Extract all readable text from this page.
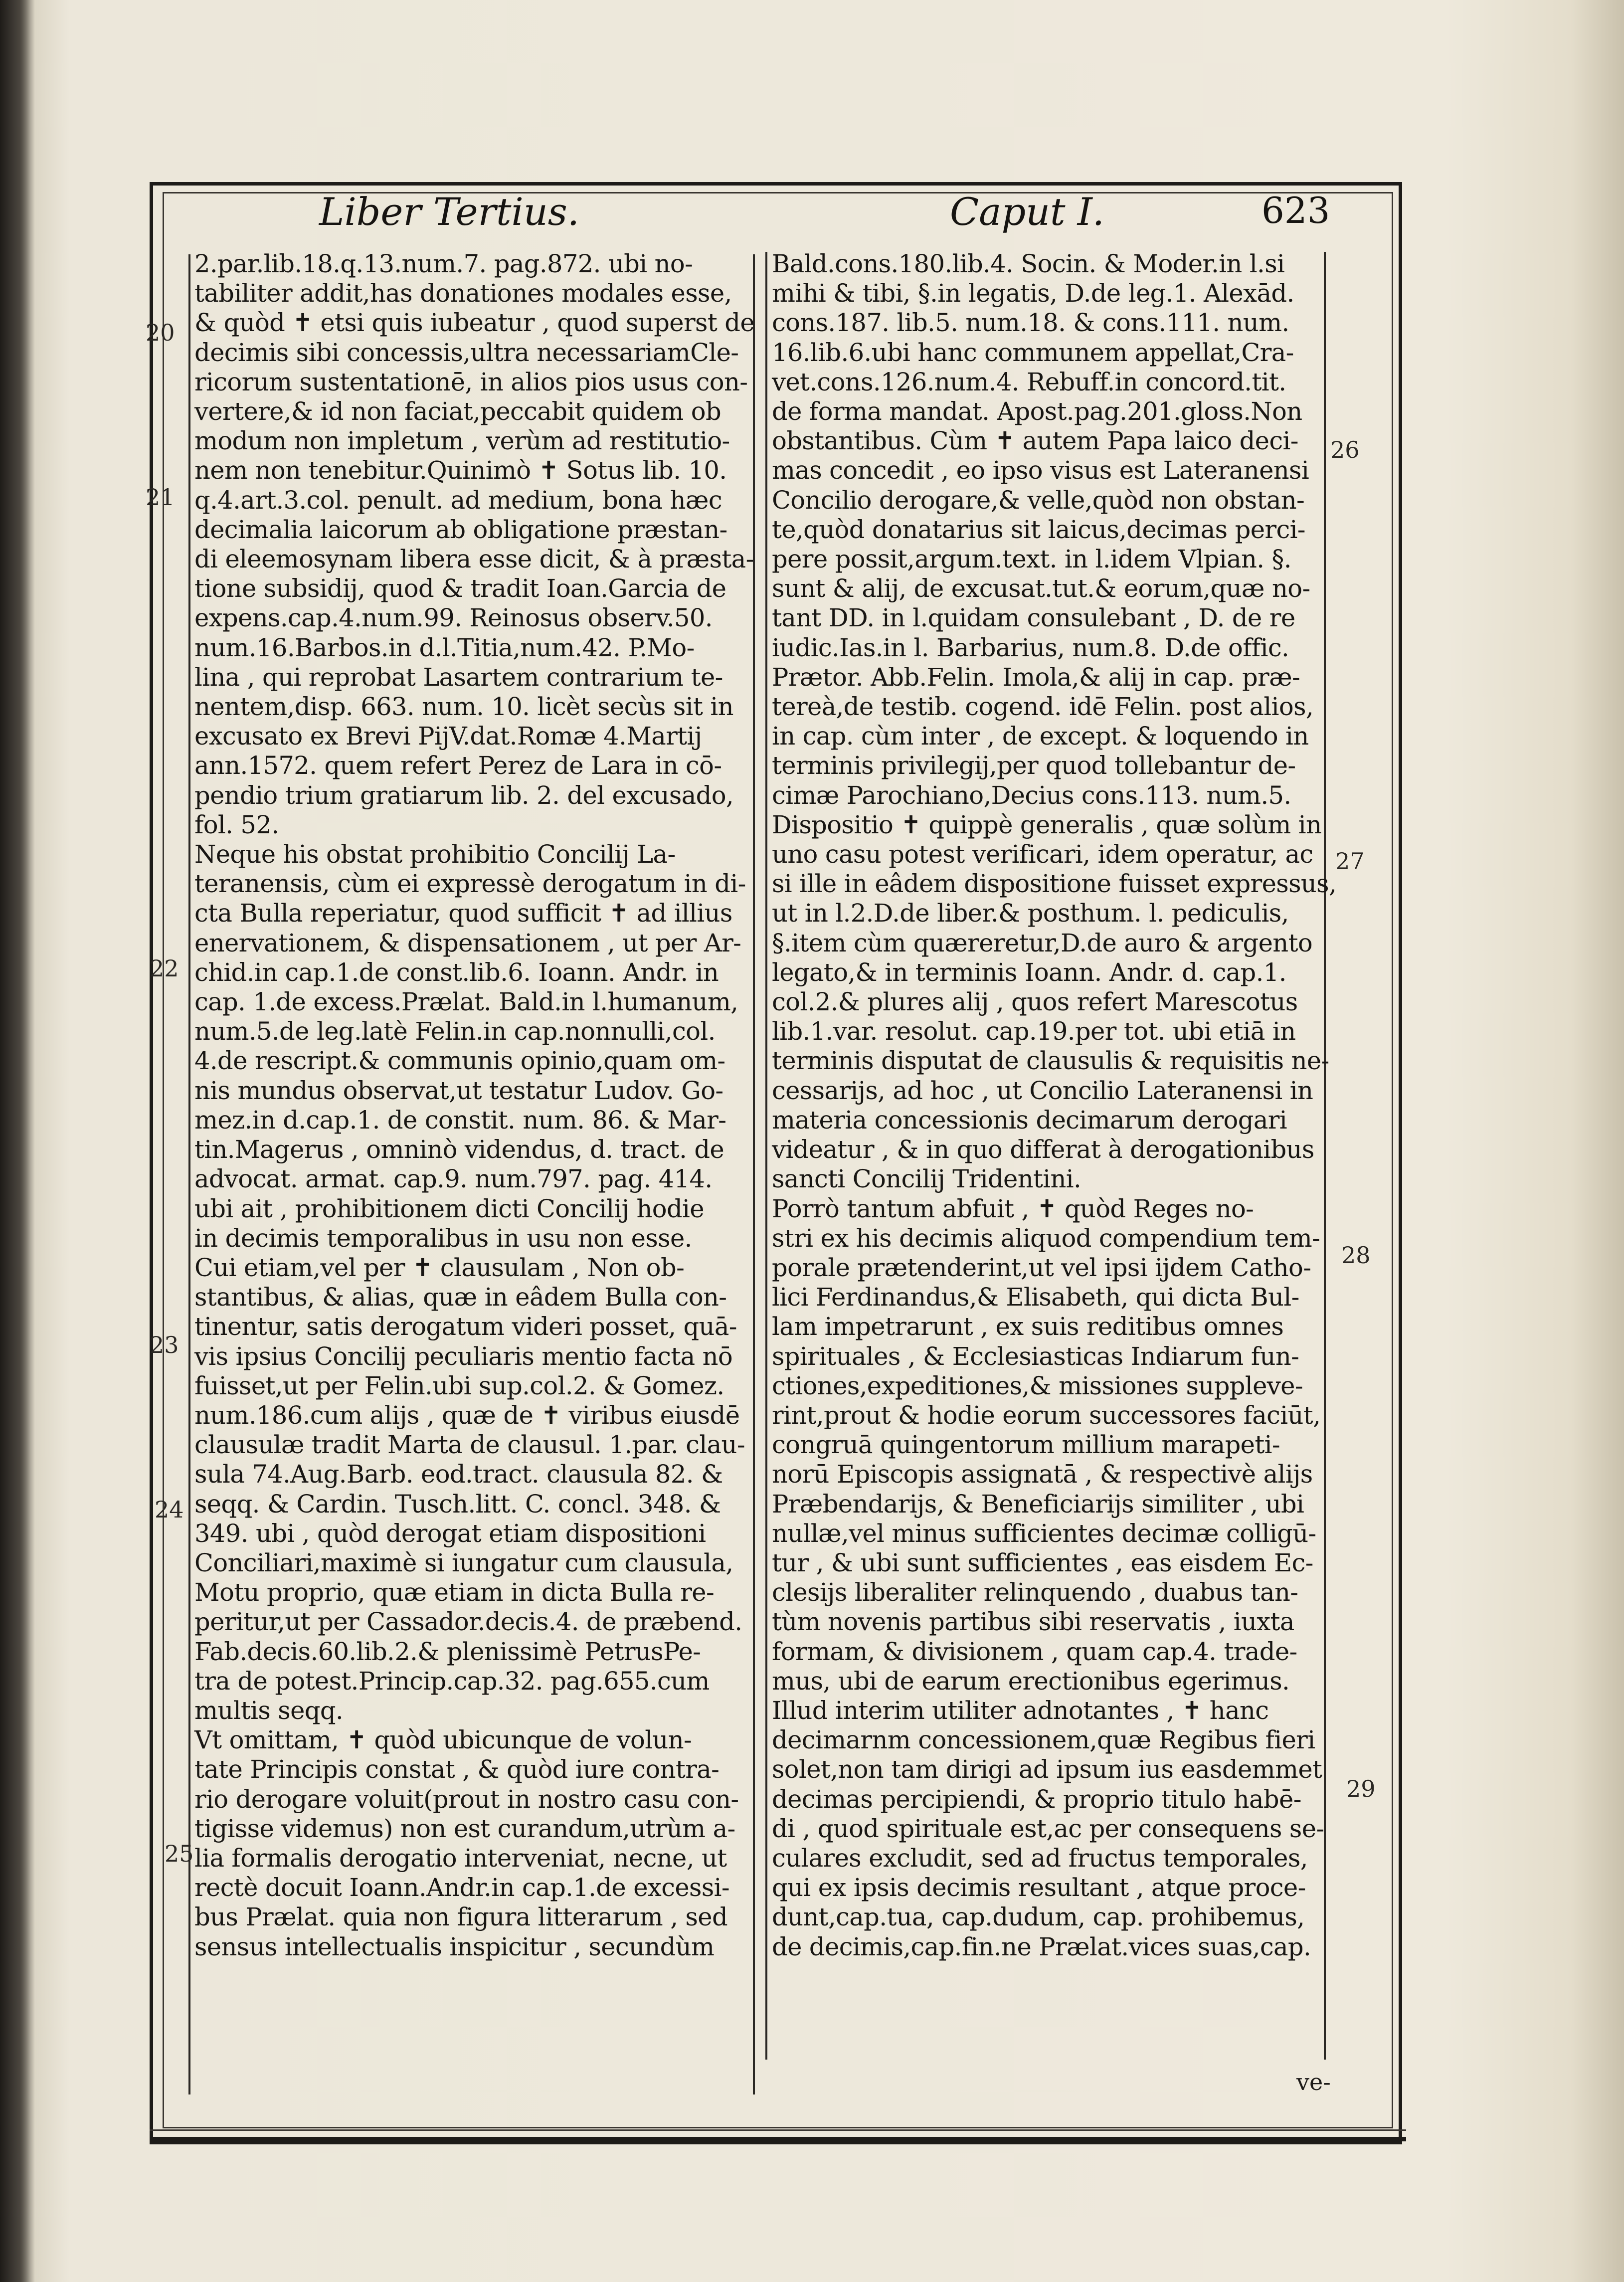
Liber Tertius.	Caput I.	623

2.par.lib.18.q.13.num.7. pag.872. ubi no-

tabiliter addit,has donationes modales esse,

& quòd ✝ etsi quis iubeatur , quod superst de

decimis sibi concessis,ultra necessariamCle-

ricorum sustentationē, in alios pios usus con-

vertere,& id non faciat,peccabit quidem ob

modum non impletum , verùm ad restitutio-

nem non tenebitur.Quinimò ✝ Sotus lib. 10.

q.4.art.3.col. penult. ad medium, bona hæc

decimalia laicorum ab obligatione præstan-

di eleemosynam libera esse dicit, & à præsta-

tione subsidij, quod & tradit Ioan.Garcia de

expens.cap.4.num.99. Reinosus observ.50.

num.16.Barbos.in d.l.Titia,num.42. P.Mo-

lina , qui reprobat Lasartem contrarium te-

nentem,disp. 663. num. 10. licèt secùs sit in

excusato ex Brevi PijV.dat.Romæ 4.Martij

ann.1572. quem refert Perez de Lara in cō-

pendio trium gratiarum lib. 2. del excusado,

fol. 52.

Neque his obstat prohibitio Concilij La-

teranensis, cùm ei expressè derogatum in di-

cta Bulla reperiatur, quod sufficit ✝ ad illius

enervationem, & dispensationem , ut per Ar-

chid.in cap.1.de const.lib.6. Ioann. Andr. in

cap. 1.de excess.Prælat. Bald.in l.humanum,

num.5.de leg.latè Felin.in cap.nonnulli,col.

4.de rescript.& communis opinio,quam om-

nis mundus observat,ut testatur Ludov. Go-

mez.in d.cap.1. de constit. num. 86. & Mar-

tin.Magerus , omninò videndus, d. tract. de

advocat. armat. cap.9. num.797. pag. 414.

ubi ait , prohibitionem dicti Concilij hodie

in decimis temporalibus in usu non esse.

Cui etiam,vel per ✝ clausulam , Non ob-

stantibus, & alias, quæ in eâdem Bulla con-

tinentur, satis derogatum videri posset, quā-

vis ipsius Concilij peculiaris mentio facta nō

fuisset,ut per Felin.ubi sup.col.2. & Gomez.

num.186.cum alijs , quæ de ✝ viribus eiusdē

clausulæ tradit Marta de clausul. 1.par. clau-

sula 74.Aug.Barb. eod.tract. clausula 82. &

seqq. & Cardin. Tusch.litt. C. concl. 348. &

349. ubi , quòd derogat etiam dispositioni

Conciliari,maximè si iungatur cum clausula,

Motu proprio, quæ etiam in dicta Bulla re-

peritur,ut per Cassador.decis.4. de præbend.

Fab.decis.60.lib.2.& plenissimè PetrusPe-

tra de potest.Princip.cap.32. pag.655.cum

multis seqq.

Vt omittam, ✝ quòd ubicunque de volun-

tate Principis constat , & quòd iure contra-

rio derogare voluit(prout in nostro casu con-

tigisse videmus) non est curandum,utrùm a-

lia formalis derogatio interveniat, necne, ut

rectè docuit Ioann.Andr.in cap.1.de excessi-

bus Prælat. quia non figura litterarum , sed

sensus intellectualis inspicitur , secundùm

Bald.cons.180.lib.4. Socin. & Moder.in l.si

mihi & tibi, §.in legatis, D.de leg.1. Alexād.

cons.187. lib.5. num.18. & cons.111. num.

16.lib.6.ubi hanc communem appellat,Cra-

vet.cons.126.num.4. Rebuff.in concord.tit.

de forma mandat. Apost.pag.201.gloss.Non

obstantibus. Cùm ✝ autem Papa laico deci-

mas concedit , eo ipso visus est Lateranensi

Concilio derogare,& velle,quòd non obstan-

te,quòd donatarius sit laicus,decimas perci-

pere possit,argum.text. in l.idem Vlpian. §.

sunt & alij, de excusat.tut.& eorum,quæ no-

tant DD. in l.quidam consulebant , D. de re

iudic.Ias.in l. Barbarius, num.8. D.de offic.

Prætor. Abb.Felin. Imola,& alij in cap. præ-

tereà,de testib. cogend. idē Felin. post alios,

in cap. cùm inter , de except. & loquendo in

terminis privilegij,per quod tollebantur de-

cimæ Parochiano,Decius cons.113. num.5.

Dispositio ✝ quippè generalis , quæ solùm in

uno casu potest verificari, idem operatur, ac

si ille in eâdem dispositione fuisset expressus,

ut in l.2.D.de liber.& posthum. l. pediculis,

§.item cùm quæreretur,D.de auro & argento

legato,& in terminis Ioann. Andr. d. cap.1.

col.2.& plures alij , quos refert Marescotus

lib.1.var. resolut. cap.19.per tot. ubi etiā in

terminis disputat de clausulis & requisitis ne-

cessarijs, ad hoc , ut Concilio Lateranensi in

materia concessionis decimarum derogari

videatur , & in quo differat à derogationibus

sancti Concilij Tridentini.

Porrò tantum abfuit , ✝ quòd Reges no-

stri ex his decimis aliquod compendium tem-

porale prætenderint,ut vel ipsi ijdem Catho-

lici Ferdinandus,& Elisabeth, qui dicta Bul-

lam impetrarunt , ex suis reditibus omnes

spirituales , & Ecclesiasticas Indiarum fun-

ctiones,expeditiones,& missiones suppleve-

rint,prout & hodie eorum successores faciūt,

congruā quingentorum millium marapeti-

norū Episcopis assignatā , & respectivè alijs

Præbendarijs, & Beneficiarijs similiter , ubi

nullæ,vel minus sufficientes decimæ colligū-

tur , & ubi sunt sufficientes , eas eisdem Ec-

clesijs liberaliter relinquendo , duabus tan-

tùm novenis partibus sibi reservatis , iuxta

formam, & divisionem , quam cap.4. trade-

mus, ubi de earum erectionibus egerimus.

Illud interim utiliter adnotantes , ✝ hanc

decimarnm concessionem,quæ Regibus fieri

solet,non tam dirigi ad ipsum ius easdemmet

decimas percipiendi, & proprio titulo habē-

di , quod spirituale est,ac per consequens se-

culares excludit, sed ad fructus temporales,

qui ex ipsis decimis resultant , atque proce-

dunt,cap.tua, cap.dudum, cap. prohibemus,

de decimis,cap.fin.ne Prælat.vices suas,cap.

20
21
22
23
24
25
26
27
28
29
ve-
